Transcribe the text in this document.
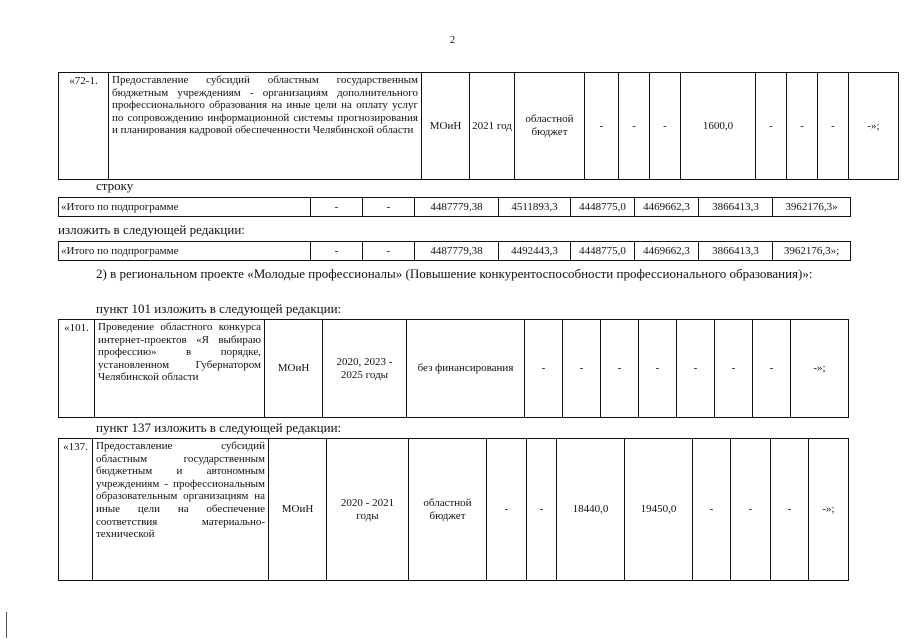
2
«72-1.	Предоставление субсидий областным государственным бюджетным учреждениям - организациям дополнительного профессионального образования на иные цели на оплату услуг по сопровождению информационной системы прогнозирования и планирования кадровой обеспеченности Челябинской области	МОиН	2021 год	областной бюджет	-	-	-	1600,0	-	-	-	-»;
строку
«Итого по подпрограмме	-	-	4487779,38	4511893,3	4448775,0	4469662,3	3866413,3	3962176,3»
изложить в следующей редакции:
«Итого по подпрограмме	-	-	4487779,38	4492443,3	4448775,0	4469662,3	3866413,3	3962176,3»;
2) в региональном проекте «Молодые профессионалы» (Повышение конкурентоспособности профессионального образования)»:
пункт 101 изложить в следующей редакции:
«101.	Проведение областного конкурса интернет-проектов «Я выбираю профессию» в порядке, установленном Губернатором Челябинской области	МОиН	2020, 2023 - 2025 годы	без финансирования	-	-	-	-	-	-	-	-»;
пункт 137 изложить в следующей редакции:
«137.	Предоставление субсидий областным государственным бюджетным и автономным учреждениям - профессиональным образовательным организациям на иные цели на обеспечение соответствия материально-технической	МОиН	2020 - 2021 годы	областной бюджет	-	-	18440,0	19450,0	-	-	-	-»;
